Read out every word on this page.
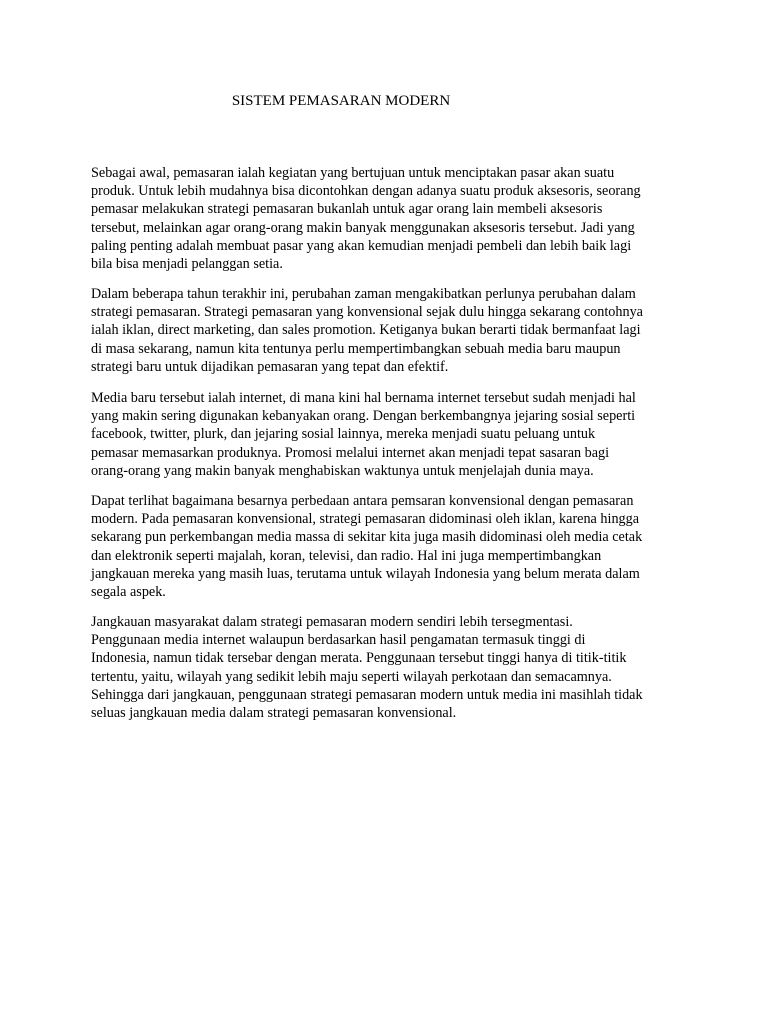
SISTEM PEMASARAN MODERN

Sebagai awal, pemasaran ialah kegiatan yang bertujuan untuk menciptakan pasar akan suatu
produk. Untuk lebih mudahnya bisa dicontohkan dengan adanya suatu produk aksesoris, seorang
pemasar melakukan strategi pemasaran bukanlah untuk agar orang lain membeli aksesoris
tersebut, melainkan agar orang-orang makin banyak menggunakan aksesoris tersebut. Jadi yang
paling penting adalah membuat pasar yang akan kemudian menjadi pembeli dan lebih baik lagi
bila bisa menjadi pelanggan setia.

Dalam beberapa tahun terakhir ini, perubahan zaman mengakibatkan perlunya perubahan dalam
strategi pemasaran. Strategi pemasaran yang konvensional sejak dulu hingga sekarang contohnya
ialah iklan, direct marketing, dan sales promotion. Ketiganya bukan berarti tidak bermanfaat lagi
di masa sekarang, namun kita tentunya perlu mempertimbangkan sebuah media baru maupun
strategi baru untuk dijadikan pemasaran yang tepat dan efektif.

Media baru tersebut ialah internet, di mana kini hal bernama internet tersebut sudah menjadi hal
yang makin sering digunakan kebanyakan orang. Dengan berkembangnya jejaring sosial seperti
facebook, twitter, plurk, dan jejaring sosial lainnya, mereka menjadi suatu peluang untuk
pemasar memasarkan produknya. Promosi melalui internet akan menjadi tepat sasaran bagi
orang-orang yang makin banyak menghabiskan waktunya untuk menjelajah dunia maya.

Dapat terlihat bagaimana besarnya perbedaan antara pemsaran konvensional dengan pemasaran
modern. Pada pemasaran konvensional, strategi pemasaran didominasi oleh iklan, karena hingga
sekarang pun perkembangan media massa di sekitar kita juga masih didominasi oleh media cetak
dan elektronik seperti majalah, koran, televisi, dan radio. Hal ini juga mempertimbangkan
jangkauan mereka yang masih luas, terutama untuk wilayah Indonesia yang belum merata dalam
segala aspek.

Jangkauan masyarakat dalam strategi pemasaran modern sendiri lebih tersegmentasi.
Penggunaan media internet walaupun berdasarkan hasil pengamatan termasuk tinggi di
Indonesia, namun tidak tersebar dengan merata. Penggunaan tersebut tinggi hanya di titik-titik
tertentu, yaitu, wilayah yang sedikit lebih maju seperti wilayah perkotaan dan semacamnya.
Sehingga dari jangkauan, penggunaan strategi pemasaran modern untuk media ini masihlah tidak
seluas jangkauan media dalam strategi pemasaran konvensional.
